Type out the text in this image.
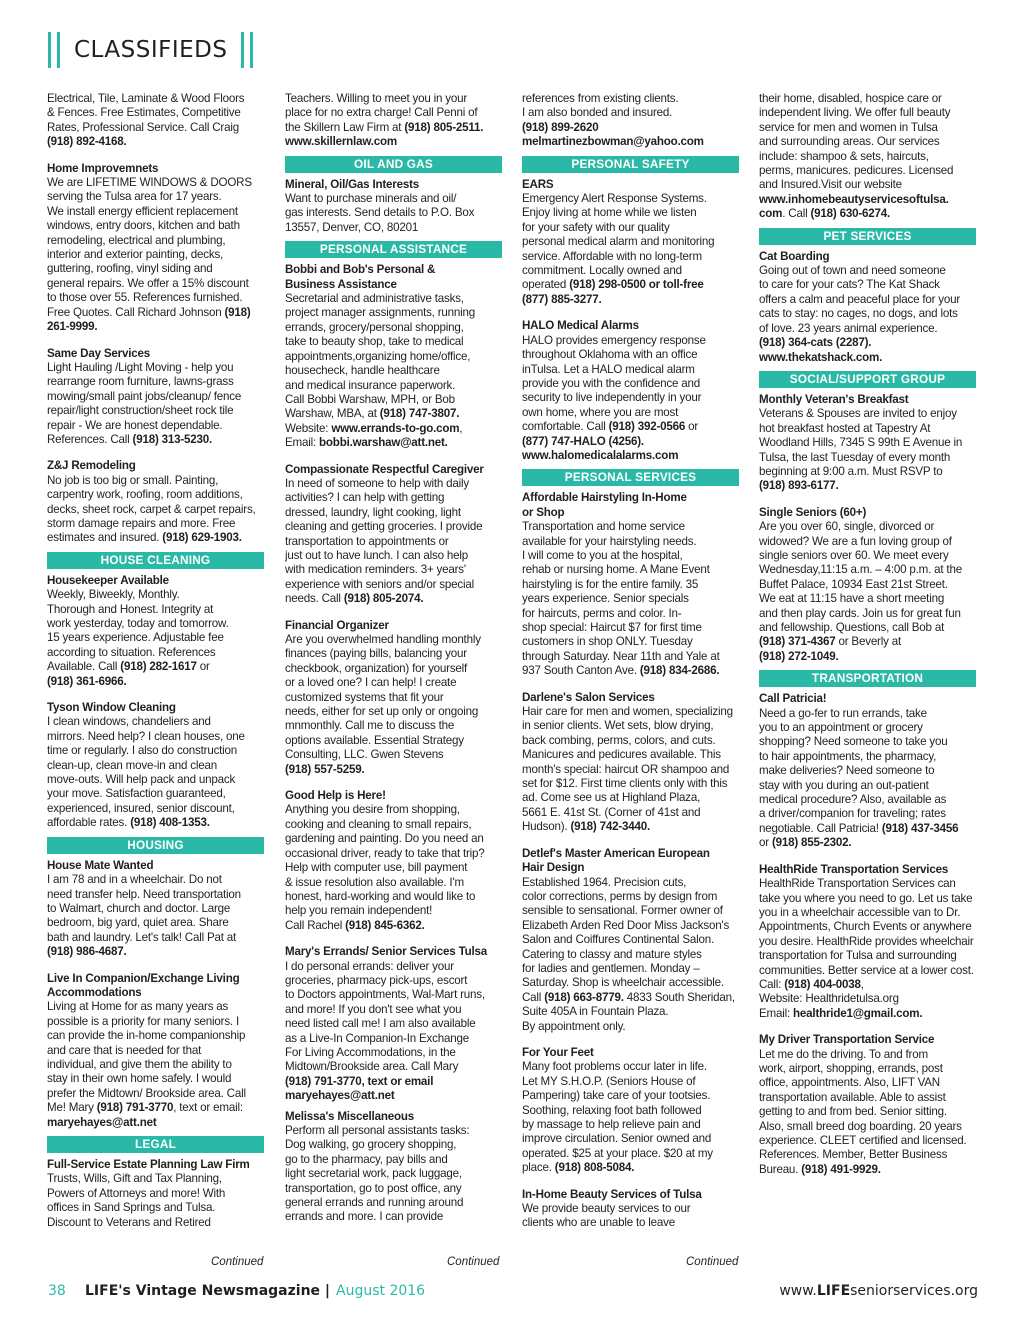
CLASSIFIEDS
Electrical, Tile, Laminate & Wood Floors
& Fences. Free Estimates, Competitive
Rates, Professional Service. Call Craig (918) 892-4168.
Home Improvemnets
We are LIFETIME WINDOWS & DOORS
serving the Tulsa area for 17 years.
We install energy efficient replacement
windows, entry doors, kitchen and bath
remodeling, electrical and plumbing,
interior and exterior painting, decks,
guttering, roofing, vinyl siding and
general repairs. We offer a 15% discount
to those over 55. References furnished.
Free Quotes. Call Richard Johnson (918) 261-9999.
Same Day Services
Light Hauling /Light Moving - help you
rearrange room furniture, lawns-grass
mowing/small paint jobs/cleanup/ fence
repair/light construction/sheet rock tile
repair - We are honest dependable.
References. Call (918) 313-5230.
Z&J Remodeling
No job is too big or small. Painting,
carpentry work, roofing, room additions,
decks, sheet rock, carpet & carpet repairs,
storm damage repairs and more. Free
estimates and insured. (918) 629-1903.
HOUSE CLEANING
Housekeeper Available
Weekly, Biweekly, Monthly.
Thorough and Honest. Integrity at
work yesterday, today and tomorrow.
15 years experience. Adjustable fee
according to situation. References
Available. Call (918) 282-1617 or
(918) 361-6966.
Tyson Window Cleaning
I clean windows, chandeliers and
mirrors. Need help? I clean houses, one
time or regularly. I also do construction
clean-up, clean move-in and clean
move-outs. Will help pack and unpack
your move. Satisfaction guaranteed,
experienced, insured, senior discount,
affordable rates. (918) 408-1353.
HOUSING
House Mate Wanted
I am 78 and in a wheelchair. Do not
need transfer help. Need transportation
to Walmart, church and doctor. Large
bedroom, big yard, quiet area. Share
bath and laundry. Let's talk! Call Pat at
(918) 986-4687.
Live In Companion/Exchange Living
Accommodations
Living at Home for as many years as
possible is a priority for many seniors. I
can provide the in-home companionship
and care that is needed for that
individual, and give them the ability to
stay in their own home safely. I would
prefer the Midtown/ Brookside area. Call
Me! Mary (918) 791-3770, text or email:
maryehayes@att.net
LEGAL
Full-Service Estate Planning Law Firm
Trusts, Wills, Gift and Tax Planning,
Powers of Attorneys and more! With
offices in Sand Springs and Tulsa.
Discount to Veterans and Retired
Teachers. Willing to meet you in your
place for no extra charge! Call Penni of
the Skillern Law Firm at (918) 805-2511.
www.skillernlaw.com
OIL AND GAS
Mineral, Oil/Gas Interests
Want to purchase minerals and oil/
gas interests. Send details to P.O. Box
13557, Denver, CO, 80201
PERSONAL ASSISTANCE
Bobbi and Bob's Personal &
Business Assistance
Secretarial and administrative tasks,
project manager assignments, running
errands, grocery/personal shopping,
take to beauty shop, take to medical
appointments,organizing home/office,
housecheck, handle healthcare
and medical insurance paperwork.
Call Bobbi Warshaw, MPH, or Bob
Warshaw, MBA, at (918) 747-3807.
Website: www.errands-to-go.com,
Email: bobbi.warshaw@att.net.
Compassionate Respectful Caregiver
In need of someone to help with daily
activities? I can help with getting
dressed, laundry, light cooking, light
cleaning and getting groceries. I provide
transportation to appointments or
just out to have lunch. I can also help
with medication reminders. 3+ years'
experience with seniors and/or special
needs. Call (918) 805-2074.
Financial Organizer
Are you overwhelmed handling monthly
finances (paying bills, balancing your
checkbook, organization) for yourself
or a loved one? I can help! I create
customized systems that fit your
needs, either for set up only or ongoing
mnmonthly. Call me to discuss the
options available. Essential Strategy
Consulting, LLC. Gwen Stevens
(918) 557-5259.
Good Help is Here!
Anything you desire from shopping,
cooking and cleaning to small repairs,
gardening and painting. Do you need an
occasional driver, ready to take that trip?
Help with computer use, bill payment
& issue resolution also available. I'm
honest, hard-working and would like to
help you remain independent!
Call Rachel (918) 845-6362.
Mary's Errands/ Senior Services Tulsa
I do personal errands: deliver your
groceries, pharmacy pick-ups, escort
to Doctors appointments, Wal-Mart runs,
and more! If you don't see what you
need listed call me! I am also available
as a Live-In Companion-In Exchange
For Living Accommodations, in the
Midtown/Brookside area. Call Mary
(918) 791-3770, text or email
maryehayes@att.net
Melissa's Miscellaneous
Perform all personal assistants tasks:
Dog walking, go grocery shopping,
go to the pharmacy, pay bills and
light secretarial work, pack luggage,
transportation, go to post office, any
general errands and running around
errands and more. I can provide
references from existing clients.
I am also bonded and insured.
(918) 899-2620
melmartinezbowman@yahoo.com
PERSONAL SAFETY
EARS
Emergency Alert Response Systems.
Enjoy living at home while we listen
for your safety with our quality
personal medical alarm and monitoring
service. Affordable with no long-term
commitment. Locally owned and
operated (918) 298-0500 or toll-free
(877) 885-3277.
HALO Medical Alarms
HALO provides emergency response
throughout Oklahoma with an office
inTulsa. Let a HALO medical alarm
provide you with the confidence and
security to live independently in your
own home, where you are most
comfortable. Call (918) 392-0566 or
(877) 747-HALO (4256).
www.halomedicalalarms.com
PERSONAL SERVICES
Affordable Hairstyling In-Home
or Shop
Transportation and home service
available for your hairstyling needs.
I will come to you at the hospital,
rehab or nursing home. A Mane Event
hairstyling is for the entire family. 35
years experience. Senior specials
for haircuts, perms and color. In-
shop special: Haircut $7 for first time
customers in shop ONLY. Tuesday
through Saturday. Near 11th and Yale at
937 South Canton Ave. (918) 834-2686.
Darlene's Salon Services
Hair care for men and women, specializing
in senior clients. Wet sets, blow drying,
back combing, perms, colors, and cuts.
Manicures and pedicures available. This
month's special: haircut OR shampoo and
set for $12. First time clients only with this
ad. Come see us at Highland Plaza,
5661 E. 41st St. (Corner of 41st and
Hudson). (918) 742-3440.
Detlef's Master American European
Hair Design
Established 1964. Precision cuts,
color corrections, perms by design from
sensible to sensational. Former owner of
Elizabeth Arden Red Door Miss Jackson's
Salon and Coiffures Continental Salon.
Catering to classy and mature styles
for ladies and gentlemen. Monday –
Saturday. Shop is wheelchair accessible.
Call (918) 663-8779. 4833 South Sheridan,
Suite 405A in Fountain Plaza.
By appointment only.
For Your Feet
Many foot problems occur later in life.
Let MY S.H.O.P. (Seniors House of
Pampering) take care of your tootsies.
Soothing, relaxing foot bath followed
by massage to help relieve pain and
improve circulation. Senior owned and
operated. $25 at your place. $20 at my
place. (918) 808-5084.
In-Home Beauty Services of Tulsa
We provide beauty services to our
clients who are unable to leave
their home, disabled, hospice care or
independent living. We offer full beauty
service for men and women in Tulsa
and surrounding areas. Our services
include: shampoo & sets, haircuts,
perms, manicures. pedicures. Licensed
and Insured.Visit our website
www.inhomebeautyservicesoftulsa.
com. Call (918) 630-6274.
PET SERVICES
Cat Boarding
Going out of town and need someone
to care for your cats? The Kat Shack
offers a calm and peaceful place for your
cats to stay: no cages, no dogs, and lots
of love. 23 years animal experience.
(918) 364-cats (2287).
www.thekatshack.com.
SOCIAL/SUPPORT GROUP
Monthly Veteran's Breakfast
Veterans & Spouses are invited to enjoy
hot breakfast hosted at Tapestry At
Woodland Hills, 7345 S 99th E Avenue in
Tulsa, the last Tuesday of every month
beginning at 9:00 a.m. Must RSVP to
(918) 893-6177.
Single Seniors (60+)
Are you over 60, single, divorced or
widowed? We are a fun loving group of
single seniors over 60. We meet every
Wednesday,11:15 a.m. – 4:00 p.m. at the
Buffet Palace, 10934 East 21st Street.
We eat at 11:15 have a short meeting
and then play cards. Join us for great fun
and fellowship. Questions, call Bob at
(918) 371-4367 or Beverly at
(918) 272-1049.
TRANSPORTATION
Call Patricia!
Need a go-fer to run errands, take
you to an appointment or grocery
shopping? Need someone to take you
to hair appointments, the pharmacy,
make deliveries? Need someone to
stay with you during an out-patient
medical procedure? Also, available as
a driver/companion for traveling; rates
negotiable. Call Patricia! (918) 437-3456
or (918) 855-2302.
HealthRide Transportation Services
HealthRide Transportation Services can
take you where you need to go. Let us take
you in a wheelchair accessible van to Dr.
Appointments, Church Events or anywhere
you desire. HealthRide provides wheelchair
transportation for Tulsa and surrounding
communities. Better service at a lower cost.
Call: (918) 404-0038,
Website: Healthridetulsa.org
Email: healthride1@gmail.com.
My Driver Transportation Service
Let me do the driving. To and from
work, airport, shopping, errands, post
office, appointments. Also, LIFT VAN
transportation available. Able to assist
getting to and from bed. Senior sitting.
Also, small breed dog boarding. 20 years
experience. CLEET certified and licensed.
References. Member, Better Business
Bureau. (918) 491-9929.
Continued	Continued	Continued
38 LIFE's Vintage Newsmagazine | August 2016	www.LIFEseniorservices.org
